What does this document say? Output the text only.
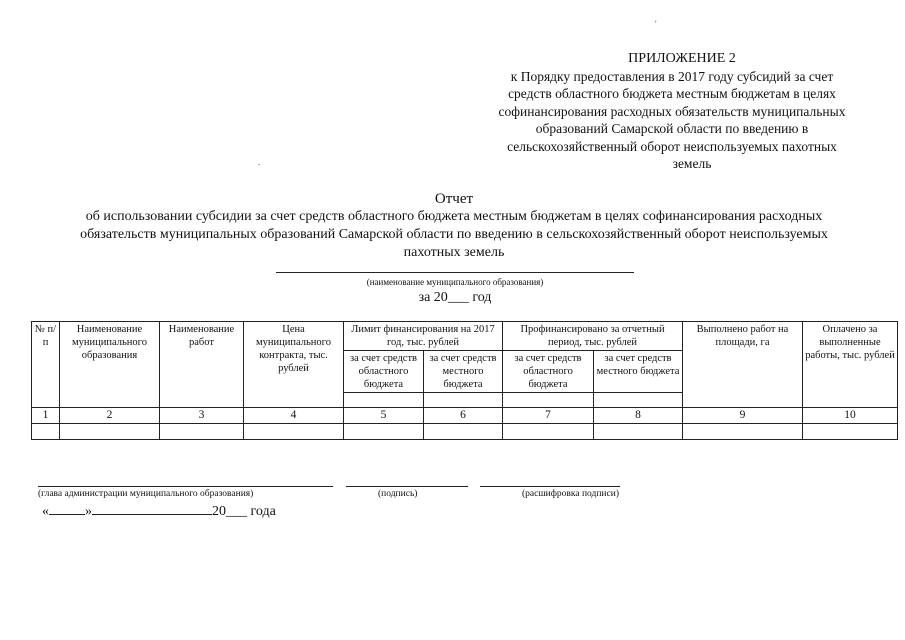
'
.
ПРИЛОЖЕНИЕ 2
к Порядку предоставления в 2017 году субсидий за счет
средств областного бюджета местным бюджетам в целях
софинансирования расходных обязательств муниципальных
образований Самарской области по введению в
сельскохозяйственный оборот неиспользуемых пахотных
земель
Отчет
об использовании субсидии за счет средств областного бюджета местным бюджетам в целях софинансирования расходных
обязательств муниципальных образований Самарской области по введению в сельскохозяйственный оборот неиспользуемых
пахотных земель
(наименование муниципального образования)
за 20___ год
№ п/п	Наименование муниципального образования	Наименование работ	Цена муниципального контракта, тыс. рублей	Лимит финансирования на 2017 год, тыс. рублей		Профинансировано за отчетный период, тыс. рублей		Выполнено работ на площади, га	Оплачено за выполненные работы, тыс. рублей
				за счет средств областного бюджета	за счет средств местного бюджета	за счет средств областного бюджета	за счет средств местного бюджета		

1	2	3	4	5	6	7	8	9	10

(глава администрации муниципального образования)	(подпись)	(расшифровка подписи)
«	»	20___ года
